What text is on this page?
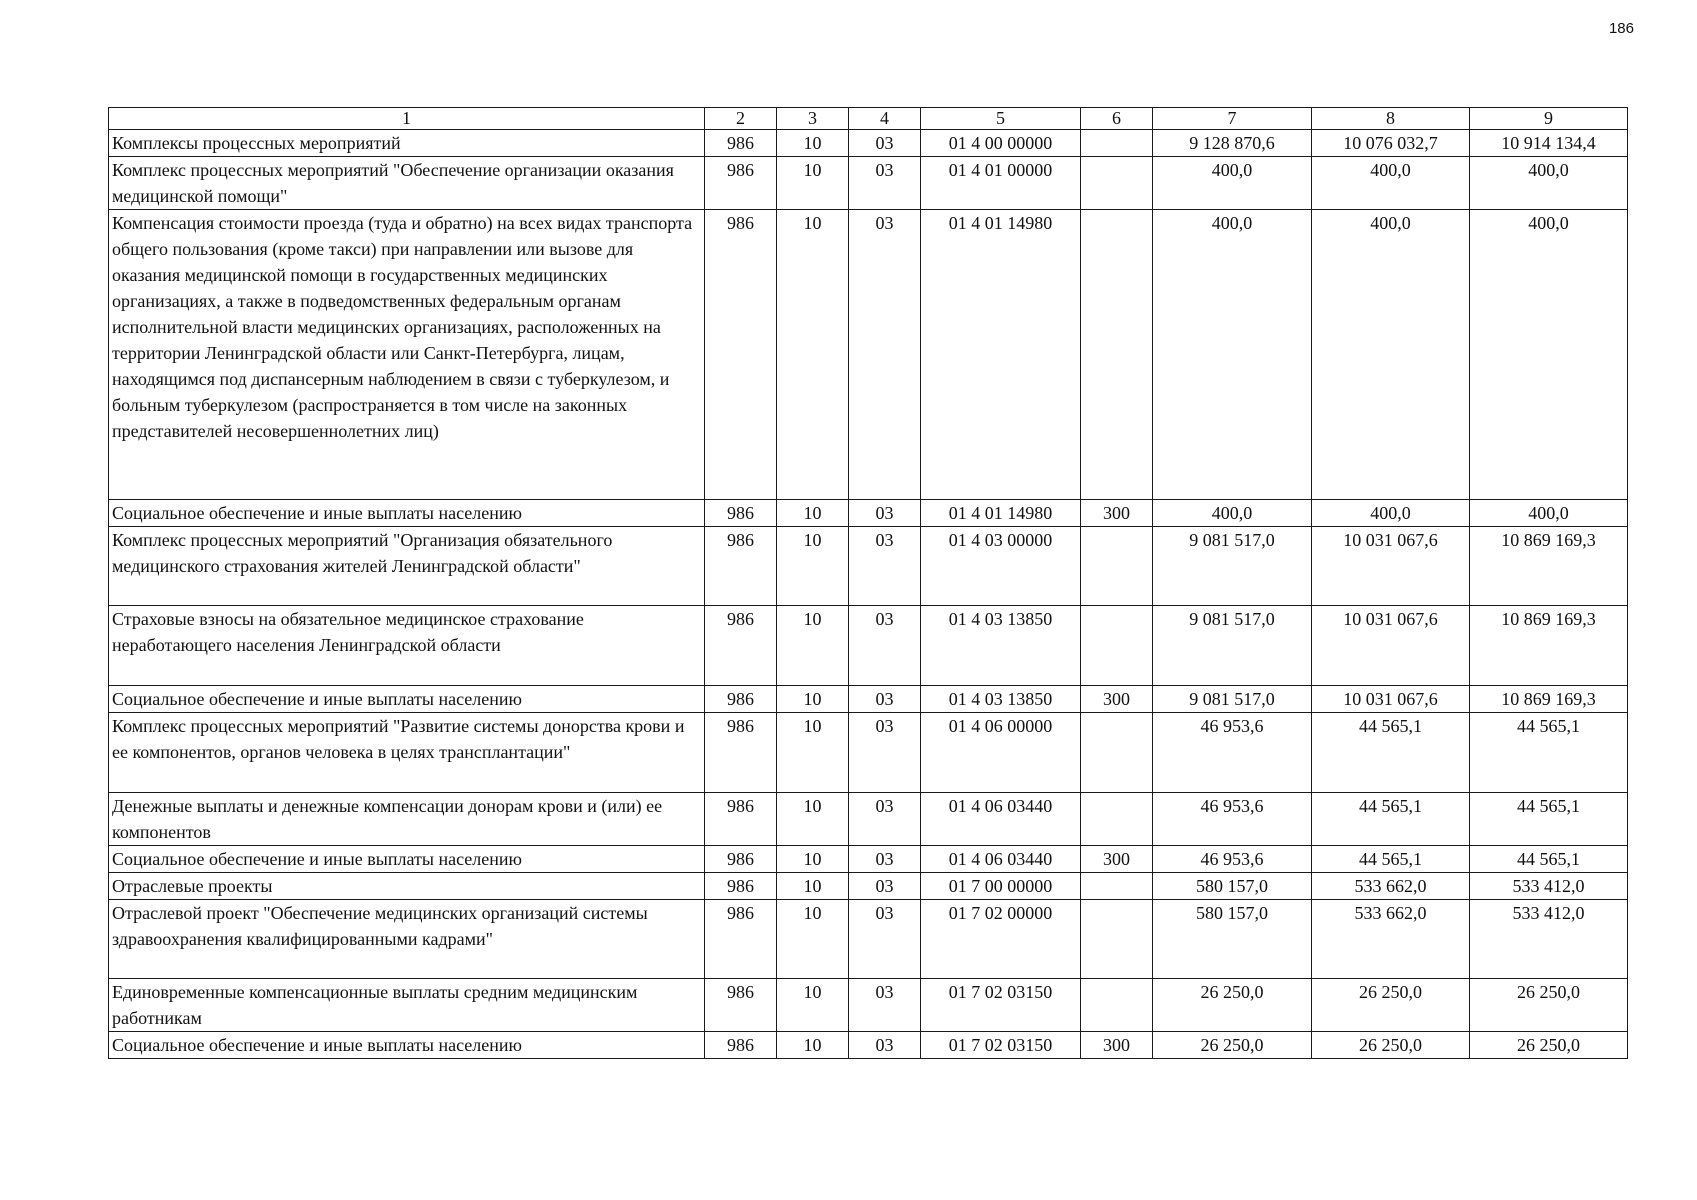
186
1	2	3	4	5	6	7	8	9
Комплексы процессных мероприятий	986	10	03	01 4 00 00000		9 128 870,6	10 076 032,7	10 914 134,4
Комплекс процессных мероприятий "Обеспечение организации оказания медицинской помощи"	986	10	03	01 4 01 00000		400,0	400,0	400,0
Компенсация стоимости проезда (туда и обратно) на всех видах транспорта общего пользования (кроме такси) при направлении или вызове для оказания медицинской помощи в государственных медицинских организациях, а также в подведомственных федеральным органам исполнительной власти медицинских организациях, расположенных на территории Ленинградской области или Санкт-Петербурга, лицам, находящимся под диспансерным наблюдением в связи с туберкулезом, и больным туберкулезом (распространяется в том числе на законных представителей несовершеннолетних лиц)	986	10	03	01 4 01 14980		400,0	400,0	400,0
Социальное обеспечение и иные выплаты населению	986	10	03	01 4 01 14980	300	400,0	400,0	400,0
Комплекс процессных мероприятий "Организация обязательного медицинского страхования жителей Ленинградской области"	986	10	03	01 4 03 00000		9 081 517,0	10 031 067,6	10 869 169,3
Страховые взносы на обязательное медицинское страхование неработающего населения Ленинградской области	986	10	03	01 4 03 13850		9 081 517,0	10 031 067,6	10 869 169,3
Социальное обеспечение и иные выплаты населению	986	10	03	01 4 03 13850	300	9 081 517,0	10 031 067,6	10 869 169,3
Комплекс процессных мероприятий "Развитие системы донорства крови и ее компонентов, органов человека в целях трансплантации"	986	10	03	01 4 06 00000		46 953,6	44 565,1	44 565,1
Денежные выплаты и денежные компенсации донорам крови и (или) ее компонентов	986	10	03	01 4 06 03440		46 953,6	44 565,1	44 565,1
Социальное обеспечение и иные выплаты населению	986	10	03	01 4 06 03440	300	46 953,6	44 565,1	44 565,1
Отраслевые проекты	986	10	03	01 7 00 00000		580 157,0	533 662,0	533 412,0
Отраслевой проект "Обеспечение медицинских организаций системы здравоохранения квалифицированными кадрами"	986	10	03	01 7 02 00000		580 157,0	533 662,0	533 412,0
Единовременные компенсационные выплаты средним медицинским работникам	986	10	03	01 7 02 03150		26 250,0	26 250,0	26 250,0
Социальное обеспечение и иные выплаты населению	986	10	03	01 7 02 03150	300	26 250,0	26 250,0	26 250,0
